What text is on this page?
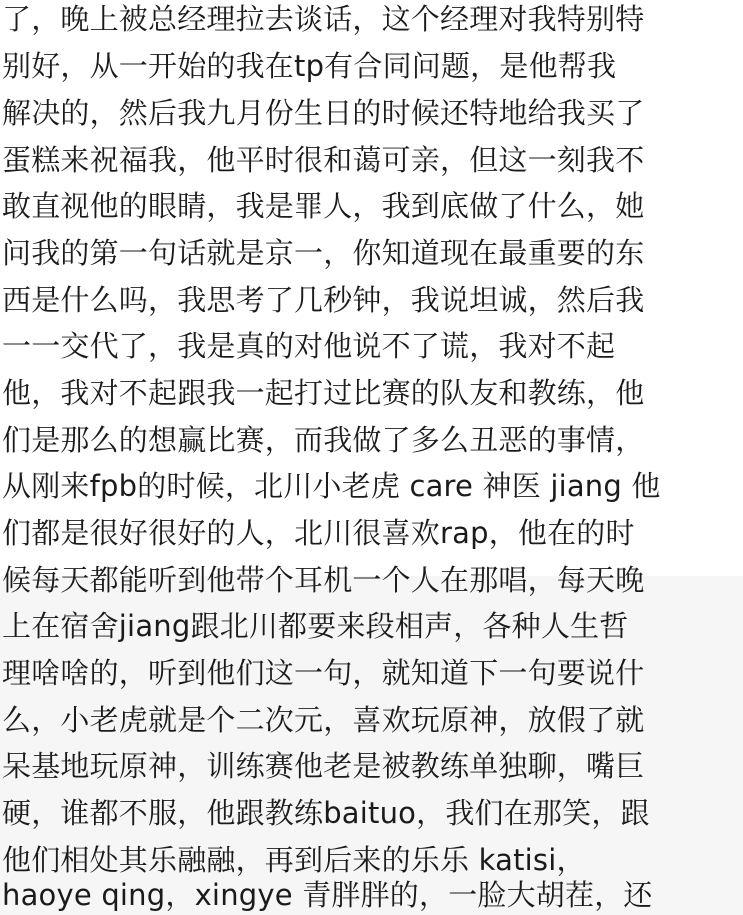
了，晚上被总经理拉去谈话，这个经理对我特别特
别好，从一开始的我在tp有合同问题，是他帮我
解决的，然后我九月份生日的时候还特地给我买了
蛋糕来祝福我，他平时很和蔼可亲，但这一刻我不
敢直视他的眼睛，我是罪人，我到底做了什么，她
问我的第一句话就是京一，你知道现在最重要的东
西是什么吗，我思考了几秒钟，我说坦诚，然后我
一一交代了，我是真的对他说不了谎，我对不起
他，我对不起跟我一起打过比赛的队友和教练，他
们是那么的想赢比赛，而我做了多么丑恶的事情，
从刚来fpb的时候，北川小老虎 care 神医 jiang 他
们都是很好很好的人，北川很喜欢rap，他在的时
候每天都能听到他带个耳机一个人在那唱，每天晚
上在宿舍jiang跟北川都要来段相声，各种人生哲
理啥啥的，听到他们这一句，就知道下一句要说什
么，小老虎就是个二次元，喜欢玩原神，放假了就
呆基地玩原神，训练赛他老是被教练单独聊，嘴巨
硬，谁都不服，他跟教练baituo，我们在那笑，跟
他们相处其乐融融，再到后来的乐乐 katisi，
haoye qing，xingye 青胖胖的，一脸大胡茬，还
